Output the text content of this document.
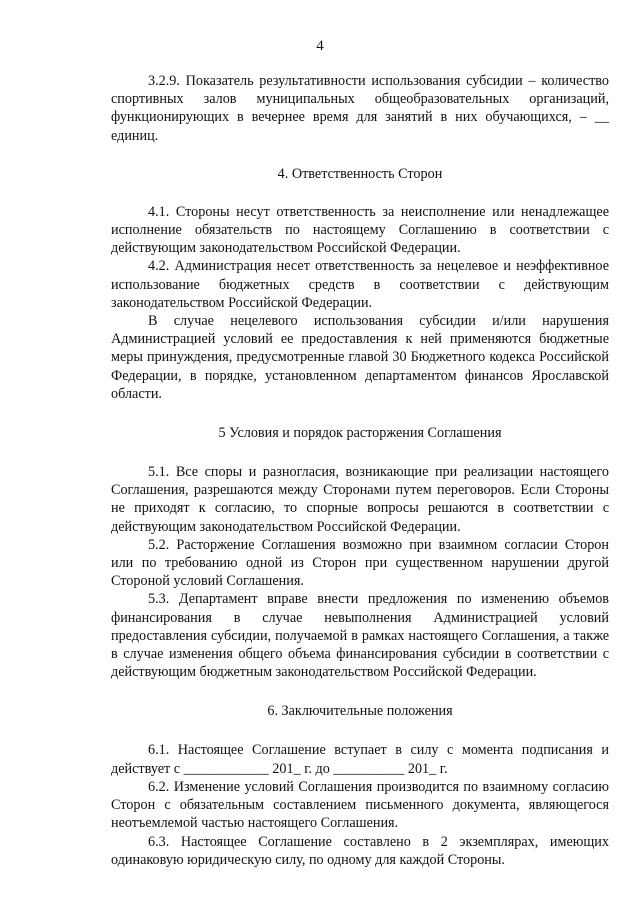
4

3.2.9. Показатель результативности использования субсидии – количество спортивных залов муниципальных общеобразовательных организаций, функционирующих в вечернее время для занятий в них обучающихся, – __ единиц.

4. Ответственность Сторон

4.1. Стороны несут ответственность за неисполнение или ненадлежащее исполнение обязательств по настоящему Соглашению в соответствии с действующим законодательством Российской Федерации.

4.2. Администрация несет ответственность за нецелевое и неэффективное использование бюджетных средств в соответствии с действующим законодательством Российской Федерации.

В случае нецелевого использования субсидии и/или нарушения Администрацией условий ее предоставления к ней применяются бюджетные меры принуждения, предусмотренные главой 30 Бюджетного кодекса Российской Федерации, в порядке, установленном департаментом финансов Ярославской области.

5 Условия и порядок расторжения Соглашения

5.1. Все споры и разногласия, возникающие при реализации настоящего Соглашения, разрешаются между Сторонами путем переговоров. Если Стороны не приходят к согласию, то спорные вопросы решаются в соответствии с действующим законодательством Российской Федерации.

5.2. Расторжение Соглашения возможно при взаимном согласии Сторон или по требованию одной из Сторон при существенном нарушении другой Стороной условий Соглашения.

5.3. Департамент вправе внести предложения по изменению объемов финансирования в случае невыполнения Администрацией условий предоставления субсидии, получаемой в рамках настоящего Соглашения, а также в случае изменения общего объема финансирования субсидии в соответствии с действующим бюджетным законодательством Российской Федерации.

6. Заключительные положения

6.1. Настоящее Соглашение вступает в силу с момента подписания и действует с ____________ 201_ г. до __________ 201_ г.

6.2. Изменение условий Соглашения производится по взаимному согласию Сторон с обязательным составлением письменного документа, являющегося неотъемлемой частью настоящего Соглашения.

6.3. Настоящее Соглашение составлено в 2 экземплярах, имеющих одинаковую юридическую силу, по одному для каждой Стороны.
